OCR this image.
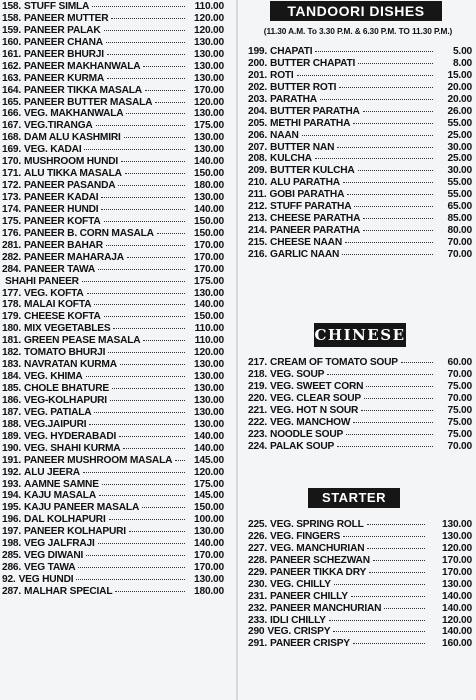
158. STUFF SIMLA	110.00
158. PANEER MUTTER	120.00
159. PANEER PALAK	120.00
160. PANEER CHANA	130.00
161. PANEER BHURJI	130.00
162. PANEER MAKHANWALA	130.00
163. PANEER KURMA	130.00
164. PANEER TIKKA MASALA	170.00
165. PANEER BUTTER MASALA	120.00
166. VEG. MAKHANWALA	130.00
167. VEG.TIRANGA	175.00
168. DAM ALU KASHMIRI	130.00
169. VEG. KADAI	130.00
170. MUSHROOM HUNDI	140.00
171. ALU TIKKA MASALA	150.00
172. PANEER PASANDA	180.00
173. PANEER KADAI	130.00
174. PANEER HUNDI	140.00
175. PANEER KOFTA	150.00
176. PANEER B. CORN MASALA	150.00
281. PANEER BAHAR	170.00
282. PANEER MAHARAJA	170.00
284. PANEER TAWA	170.00
SHAHI PANEER	175.00
177. VEG. KOFTA	130.00
178. MALAI KOFTA	140.00
179. CHEESE KOFTA	150.00
180. MIX VEGETABLES	110.00
181. GREEN PEASE MASALA	110.00
182. TOMATO BHURJI	120.00
183. NAVRATAN KURMA	130.00
184. VEG. KHIMA	130.00
185. CHOLE BHATURE	130.00
186. VEG-KOLHAPURI	130.00
187. VEG. PATIALA	130.00
188. VEG.JAIPURI	130.00
189. VEG. HYDERABADI	140.00
190. VEG. SHAHI KURMA	140.00
191. PANEER MUSHROOM MASALA	145.00
192. ALU JEERA	120.00
193. AAMNE SAMNE	175.00
194. KAJU MASALA	145.00
195. KAJU PANEER MASALA	150.00
196. DAL KOLHAPURI	100.00
197. PANEER KOLHAPURI	130.00
198. VEG JALFRAJI	140.00
285. VEG DIWANI	170.00
286. VEG TAWA	170.00
92. VEG HUNDI	130.00
287. MALHAR SPECIAL	180.00
TANDOORI DISHES
(11.30 A.M. To 3.30 P.M. & 6.30 P.M. TO 11.30 P.M.)
199. CHAPATI	5.00
200. BUTTER CHAPATI	8.00
201. ROTI	15.00
202. BUTTER ROTI	20.00
203. PARATHA	20.00
204. BUTTER PARATHA	26.00
205. METHI PARATHA	55.00
206. NAAN	25.00
207. BUTTER NAN	30.00
208. KULCHA	25.00
209. BUTTER KULCHA	30.00
210. ALU PARATHA	55.00
211. GOBI PARATHA	55.00
212. STUFF PARATHA	65.00
213. CHEESE PARATHA	85.00
214. PANEER PARATHA	80.00
215. CHEESE NAAN	70.00
216. GARLIC NAAN	70.00
CHINESE
217. CREAM OF TOMATO SOUP	60.00
218. VEG. SOUP	70.00
219. VEG. SWEET CORN	75.00
220. VEG. CLEAR SOUP	70.00
221. VEG. HOT N SOUR	75.00
222. VEG. MANCHOW	75.00
223. NOODLE SOUP	75.00
224. PALAK SOUP	70.00
STARTER
225. VEG. SPRING ROLL	130.00
226. VEG. FINGERS	130.00
227. VEG. MANCHURIAN	120.00
228. PANEER SCHEZWAN	170.00
229. PANEER TIKKA DRY	170.00
230. VEG. CHILLY	130.00
231. PANEER CHILLY	140.00
232. PANEER MANCHURIAN	140.00
233. IDLI CHILLY	120.00
290 VEG. CRISPY	140.00
291. PANEER CRISPY	160.00
